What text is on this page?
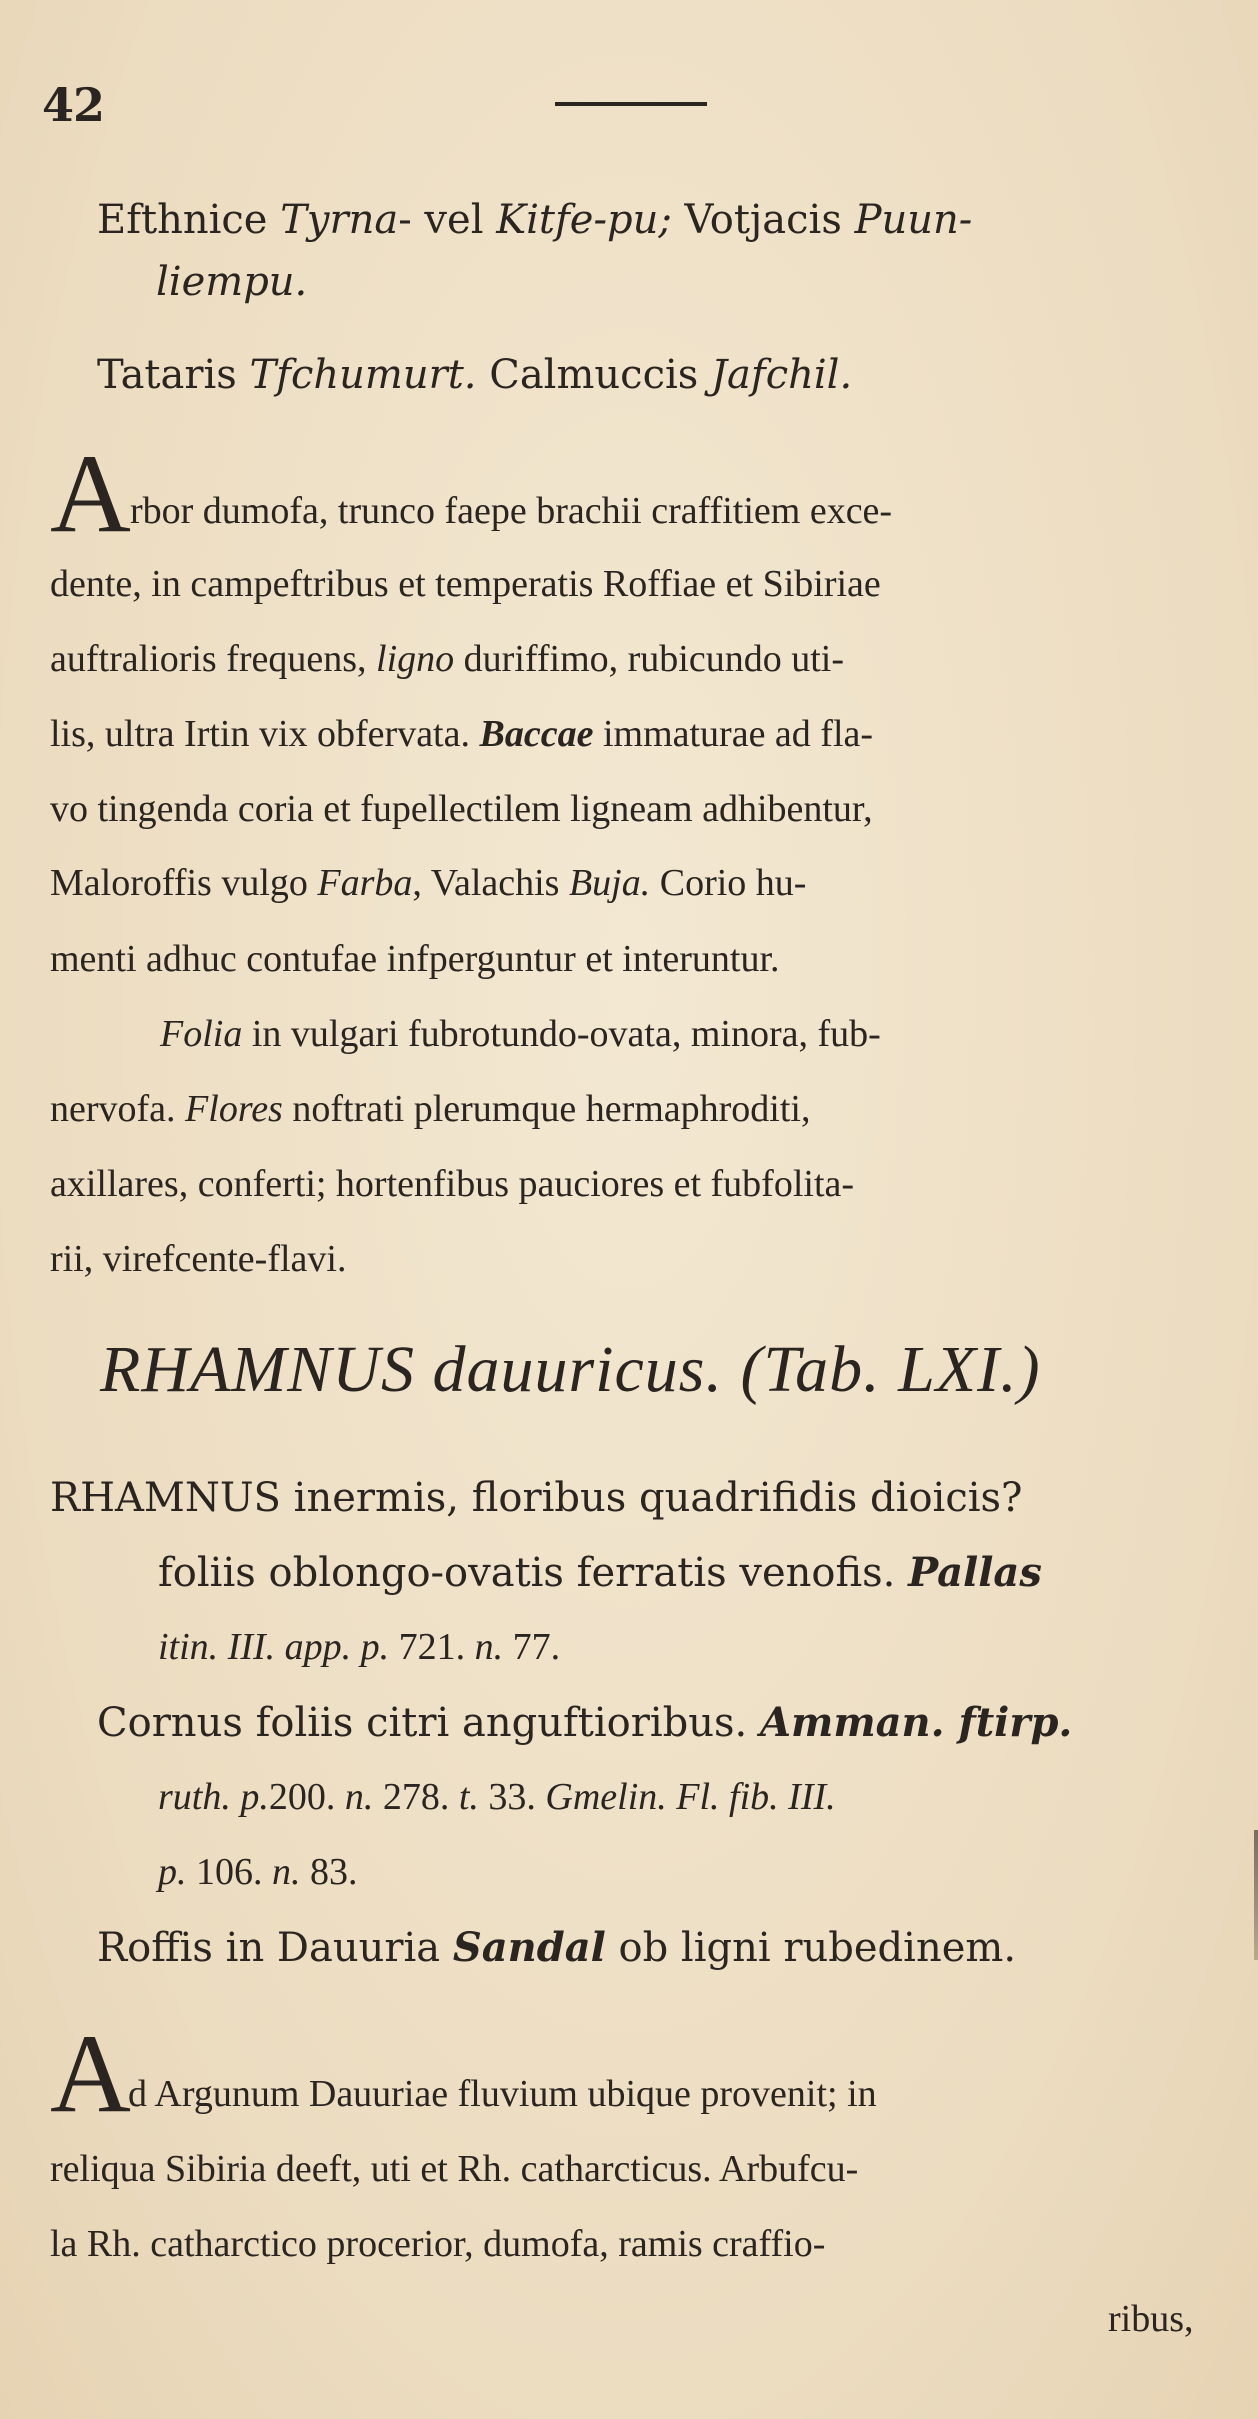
42
Efthnice Tyrna- vel Kitfe-pu; Votjacis Puun-
liempu.
Tataris Tfchumurt. Calmuccis Jafchil.
A rbor dumofa, trunco faepe brachii craffitiem exce-
dente, in campeftribus et temperatis Roffiae et Sibiriae
auftralioris frequens, ligno duriffimo, rubicundo uti-
lis, ultra Irtin vix obfervata. Baccae immaturae ad fla-
vo tingenda coria et fupellectilem ligneam adhibentur,
Maloroffis vulgo Farba, Valachis Buja. Corio hu-
menti adhuc contufae infperguntur et interuntur.
Folia in vulgari fubrotundo-ovata, minora, fub-
nervofa. Flores noftrati plerumque hermaphroditi,
axillares, conferti; hortenfibus pauciores et fubfolita-
rii, virefcente-flavi.
RHAMNUS dauuricus. (Tab. LXI.)
RHAMNUS inermis, floribus quadrifidis dioicis?
foliis oblongo-ovatis ferratis venofis. Pallas
itin. III. app. p. 721. n. 77.
Cornus foliis citri anguftioribus. Amman. ftirp.
ruth. p.200. n. 278. t. 33. Gmelin. Fl. fib. III.
p. 106. n. 83.
Roffis in Dauuria Sandal ob ligni rubedinem.
A
d Argunum Dauuriae fluvium ubique provenit; in
reliqua Sibiria deeft, uti et Rh. catharcticus. Arbufcu-
la Rh. catharctico procerior, dumofa, ramis craffio-
ribus,
